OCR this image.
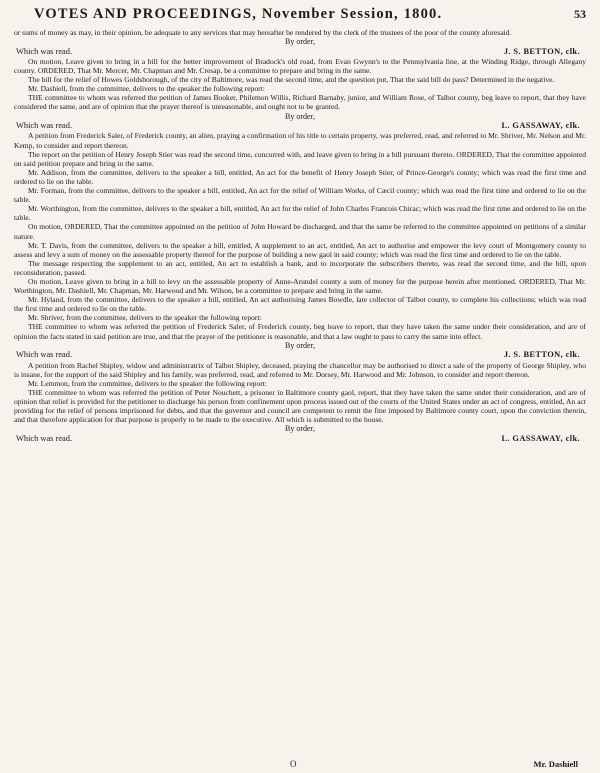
VOTES AND PROCEEDINGS, November Session, 1800.	53

or sums of money as may, in their opinion, be adequate to any services that may hereafter be rendered by the clerk of the trustees of the poor of the county aforesaid.

By order,

Which was read.	J. S. BETTON, clk.

On motion, Leave given to bring in a bill for the better improvement of Bradock's old road, from Evan Gwynn's to the Pennsylvania line, at the Winding Ridge, through Allegany county. ORDERED, That Mr. Mercer, Mr. Chapman and Mr. Cresap, be a committee to prepare and bring in the same.

The bill for the relief of Howes Goldsborough, of the city of Baltimore, was read the second time, and the question put, That the said bill do pass? Determined in the negative.

Mr. Dashiell, from the committee, delivers to the speaker the following report:

THE committee to whom was referred the petition of James Booker, Philemon Willis, Richard Barnaby, junior, and William Rose, of Talbot county, beg leave to report, that they have considered the same, and are of opinion that the prayer thereof is unreasonable, and ought not to be granted.

By order,

Which was read.	L. GASSAWAY, clk.

A petition from Frederick Saler, of Frederick county, an alien, praying a confirmation of his title to certain property, was preferred, read, and referred to Mr. Shriver, Mr. Nelson and Mr. Kemp, to consider and report thereon.

The report on the petition of Henry Joseph Stier was read the second time, concurred with, and leave given to bring in a bill pursuant thereto. ORDERED, That the committee appointed on said petition prepare and bring in the same.

Mr. Addison, from the committee, delivers to the speaker a bill, entitled, An act for the benefit of Henry Joseph Stier, of Prince-George's county; which was read the first time and ordered to lie on the table.

Mr. Forman, from the committee, delivers to the speaker a bill, entitled, An act for the relief of William Works, of Cæcil county; which was read the first time and ordered to lie on the table.

Mr. Worthington, from the committee, delivers to the speaker a bill, entitled, An act for the relief of John Charles Francois Chirac; which was read the first time and ordered to lie on the table.

On motion, ORDERED, That the committee appointed on the petition of John Howard be discharged, and that the same be referred to the committee appointed on petitions of a similar nature.

Mr. T. Davis, from the committee, delivers to the speaker a bill, entitled, A supplement to an act, entitled, An act to authorise and empower the levy court of Montgomery county to assess and levy a sum of money on the assessable property thereof for the purpose of building a new gaol in said county; which was read the first time and ordered to lie on the table.

The message respecting the supplement to an act, entitled, An act to establish a bank, and to incorporate the subscribers thereto, was read the second time, and the bill, upon reconsideration, passed.

On motion, Leave given to bring in a bill to levy on the assessable property of Anne-Arundel county a sum of money for the purpose herein after mentioned. ORDERED, That Mr. Worthington, Mr. Dashiell, Mr. Chapman, Mr. Harwood and Mr. Wilson, be a committee to prepare and bring in the same.

Mr. Hyland, from the committee, delivers to the speaker a bill, entitled, An act authorising James Bowdle, late collector of Talbot county, to complete his collections; which was read the first time and ordered to lie on the table.

Mr. Shriver, from the committee, delivers to the speaker the following report:

THE committee to whom was referred the petition of Frederick Saler, of Frederick county, beg leave to report, that they have taken the same under their consideration, and are of opinion the facts stated in said petition are true, and that the prayer of the petitioner is reasonable, and that a law ought to pass to carry the same into effect.

By order,

Which was read.	J. S. BETTON, clk.

A petition from Rachel Shipley, widow and administratrix of Talbot Shipley, deceased, praying the chancellor may be authorised to direct a sale of the property of George Shipley, who is insane, for the support of the said Shipley and his family, was preferred, read, and referred to Mr. Dorsey, Mr. Harwood and Mr. Johnson, to consider and report thereon.

Mr. Lemmon, from the committee, delivers to the speaker the following report:

THE committee to whom was referred the petition of Peter Nouchett, a prisoner in Baltimore county gaol, report, that they have taken the same under their consideration, and are of opinion that relief is provided for the petitioner to discharge his person from confinement upon process issued out of the courts of the United States under an act of congress, entitled, An act providing for the relief of persons imprisoned for debts, and that the governor and council are competent to remit the fine imposed by Baltimore county court, upon the conviction therein, and that therefore application for that purpose is properly to be made to the executive. All which is submitted to the house.

By order,

Which was read.	L. GASSAWAY, clk.
O	Mr. Dashiell
